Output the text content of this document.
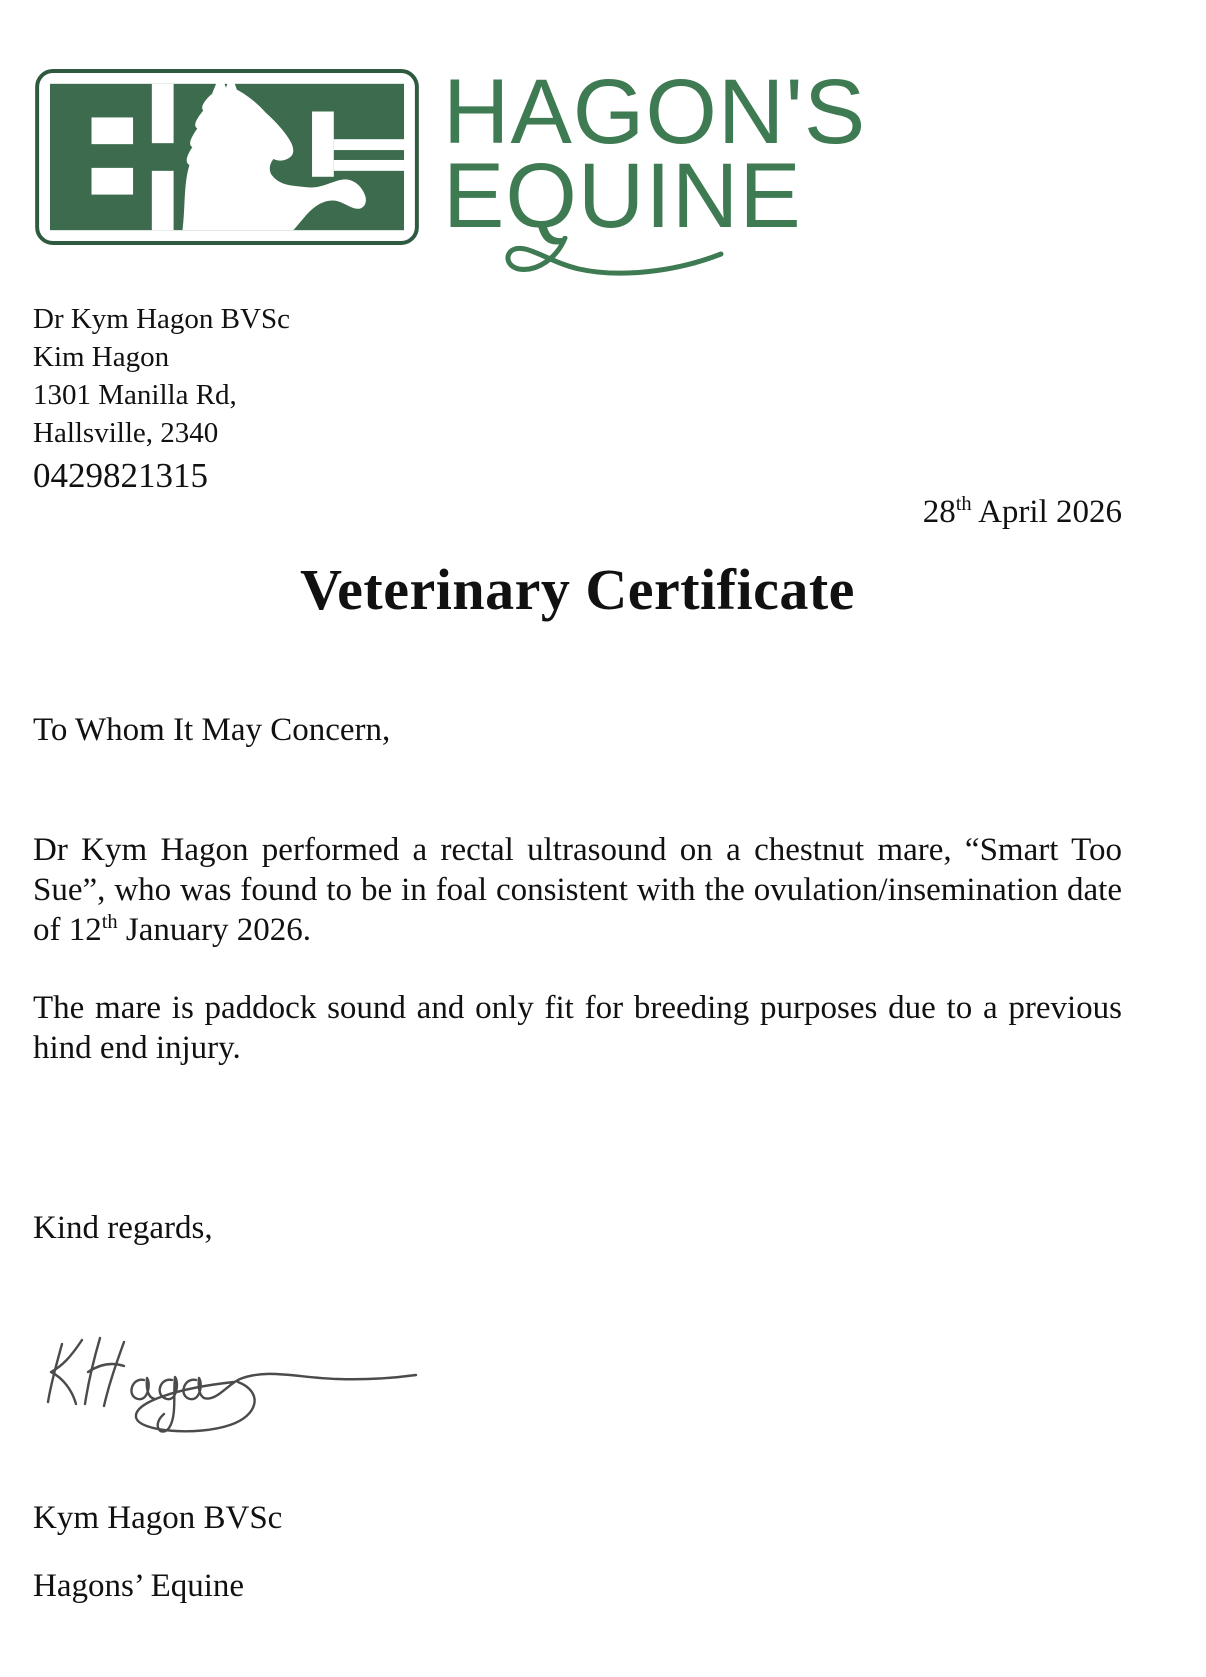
HAGON'S
EQUINE
Dr Kym Hagon BVSc
Kim Hagon
1301 Manilla Rd,
Hallsville, 2340
0429821315
28th April 2026
Veterinary Certificate

To Whom It May Concern,

Dr Kym Hagon performed a rectal ultrasound on a chestnut mare, “Smart Too Sue”, who was found to be in foal consistent with the ovulation/insemination date of 12th January 2026.

The mare is paddock sound and only fit for breeding purposes due to a previous hind end injury.

Kind regards,

Kym Hagon BVSc

Hagons’ Equine
